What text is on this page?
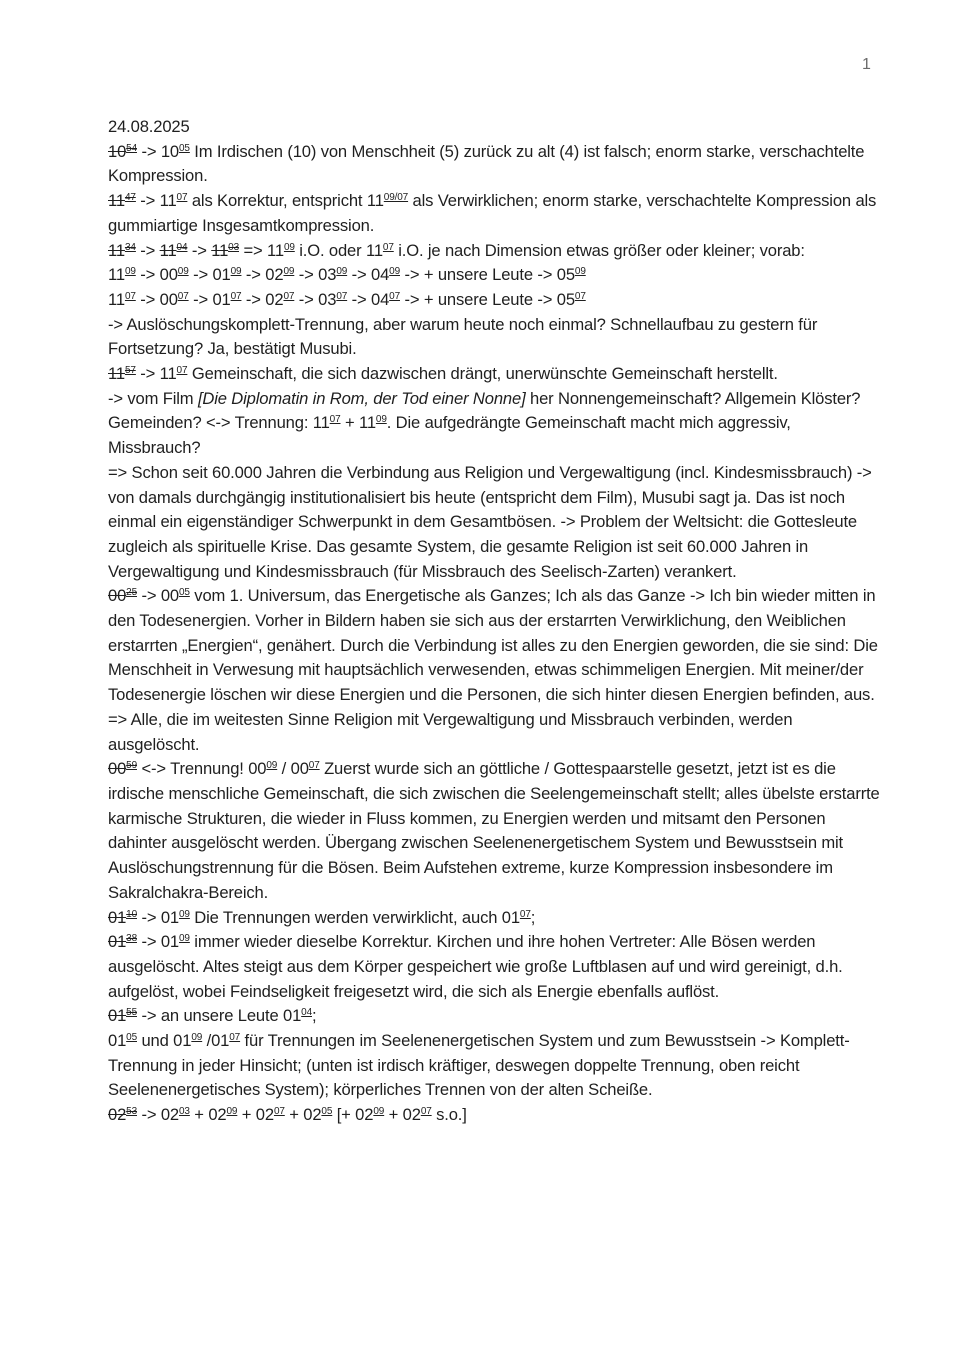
1

24.08.2025

$10^{54} -> 10^{05}$ Im Irdischen (10) von Menschheit (5) zurück zu alt (4) ist falsch; enorm starke, verschachtelte Kompression.

$11^{47} -> 11^{07}$ als Korrektur, entspricht $11^{09/07}$ als Verwirklichen; enorm starke, verschachtelte Kompression als gummiartige Insgesamtkompression.

$11^{34} -> 11^{04} -> 11^{03} => 11^{09}$ i.O. oder $11^{07}$ i.O. je nach Dimension etwas größer oder kleiner; vorab:

$11^{09} -> 00^{09} -> 01^{09} -> 02^{09} -> 03^{09} -> 04^{09}$ -> + unsere Leute -> $05^{09}$

$11^{07} -> 00^{07} -> 01^{07} -> 02^{07} -> 03^{07} -> 04^{07}$ -> + unsere Leute -> $05^{07}$

-> Auslöschungskomplett-Trennung, aber warum heute noch einmal? Schnellaufbau zu gestern für Fortsetzung? Ja, bestätigt Musubi.

$11^{57} -> 11^{07}$ Gemeinschaft, die sich dazwischen drängt, unerwünschte Gemeinschaft herstellt.

-> vom Film [Die Diplomatin in Rom, der Tod einer Nonne] her Nonnengemeinschaft? Allgemein Klöster? Gemeinden? <-> Trennung: $11^{07} + 11^{09}$. Die aufgedrängte Gemeinschaft macht mich aggressiv, Missbrauch?

=> Schon seit 60.000 Jahren die Verbindung aus Religion und Vergewaltigung (incl. Kindesmissbrauch) -> von damals durchgängig institutionalisiert bis heute (entspricht dem Film), Musubi sagt ja. Das ist noch einmal ein eigenständiger Schwerpunkt in dem Gesamtbösen. -> Problem der Weltsicht: die Gottesleute zugleich als spirituelle Krise. Das gesamte System, die gesamte Religion ist seit 60.000 Jahren in Vergewaltigung und Kindesmissbrauch (für Missbrauch des Seelisch-Zarten) verankert.

$00^{25} -> 00^{05}$ vom 1. Universum, das Energetische als Ganzes; Ich als das Ganze -> Ich bin wieder mitten in den Todesenergien. Vorher in Bildern haben sie sich aus der erstarrten Verwirklichung, den Weiblichen erstarrten „Energien“, genähert. Durch die Verbindung ist alles zu den Energien geworden, die sie sind: Die Menschheit in Verwesung mit hauptsächlich verwesenden, etwas schimmeligen Energien. Mit meiner/der Todesenergie löschen wir diese Energien und die Personen, die sich hinter diesen Energien befinden, aus. => Alle, die im weitesten Sinne Religion mit Vergewaltigung und Missbrauch verbinden, werden ausgelöscht.

$00^{59}$ <-> Trennung! $00^{09} / 00^{07}$ Zuerst wurde sich an göttliche / Gottespaarstelle gesetzt, jetzt ist es die irdische menschliche Gemeinschaft, die sich zwischen die Seelengemeinschaft stellt; alles übelste erstarrte karmische Strukturen, die wieder in Fluss kommen, zu Energien werden und mitsamt den Personen dahinter ausgelöscht werden. Übergang zwischen Seelenenergetischem System und Bewusstsein mit Auslöschungstrennung für die Bösen. Beim Aufstehen extreme, kurze Kompression insbesondere im Sakralchakra-Bereich.

$01^{10} -> 01^{09}$ Die Trennungen werden verwirklicht, auch $01^{07}$;

$01^{38} -> 01^{09}$ immer wieder dieselbe Korrektur. Kirchen und ihre hohen Vertreter: Alle Bösen werden ausgelöscht. Altes steigt aus dem Körper gespeichert wie große Luftblasen auf und wird gereinigt, d.h. aufgelöst, wobei Feindseligkeit freigesetzt wird, die sich als Energie ebenfalls auflöst.

$01^{55}$ -> an unsere Leute $01^{04}$;

$01^{05}$ und $01^{09}$ $/01^{07}$ für Trennungen im Seelenenergetischen System und zum Bewusstsein -> Komplett-Trennung in jeder Hinsicht; (unten ist irdisch kräftiger, deswegen doppelte Trennung, oben reicht Seelenenergetisches System); körperliches Trennen von der alten Scheiße.

$02^{53} -> 02^{03} + 02^{09} + 02^{07} + 02^{05}$ [+ $02^{09} + 02^{07}$ s.o.]
